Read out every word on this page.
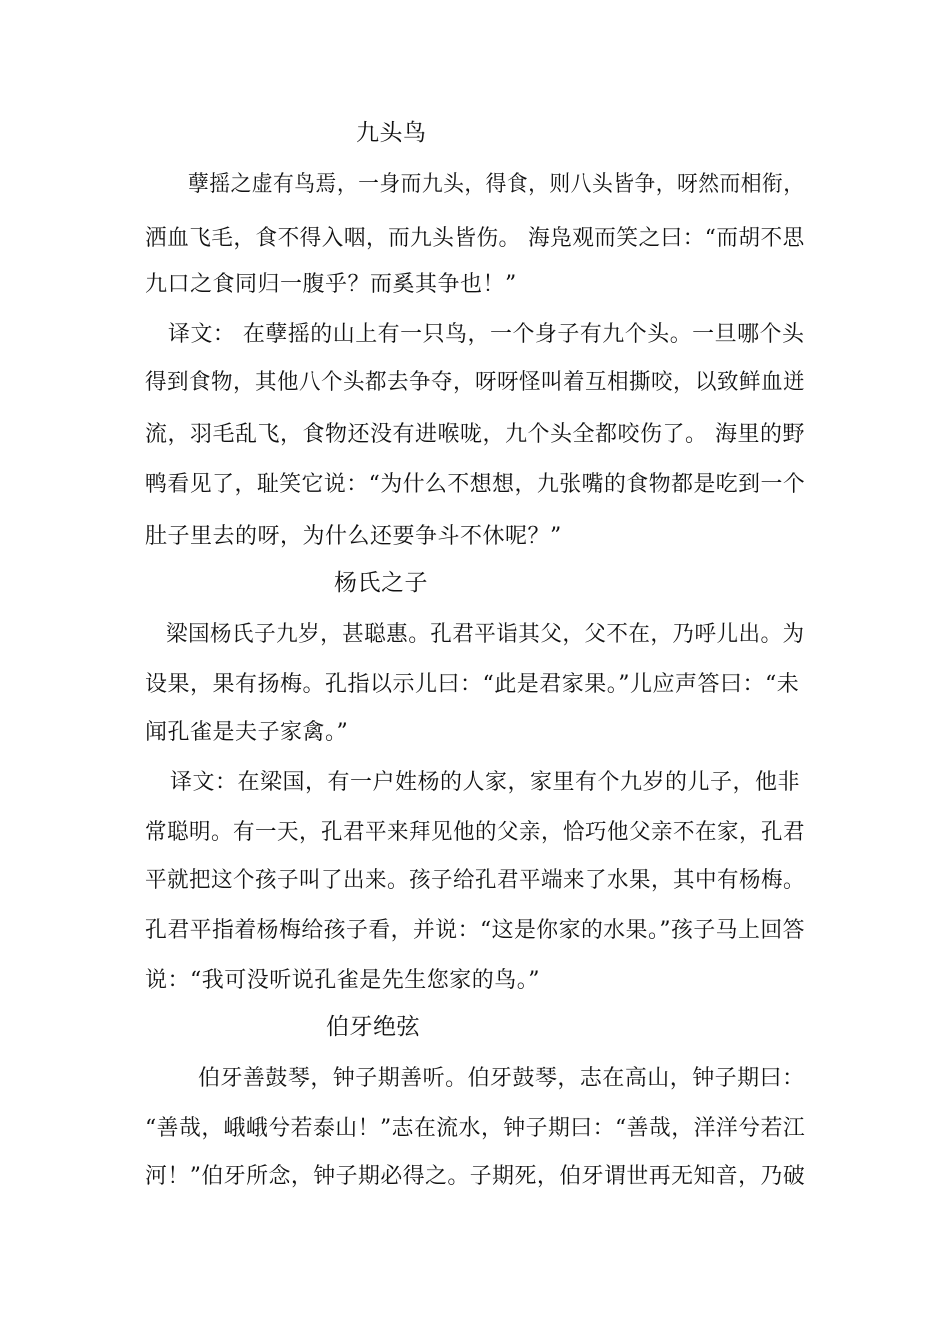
九头鸟
孽摇之虚有鸟焉，一身而九头，得食，则八头皆争，呀然而相衔，
洒血飞毛，食不得入咽，而九头皆伤。 海凫观而笑之曰：“而胡不思
九口之食同归一腹乎？而奚其争也！”
译文： 在孽摇的山上有一只鸟，一个身子有九个头。一旦哪个头
得到食物，其他八个头都去争夺，呀呀怪叫着互相撕咬，以致鲜血迸
流，羽毛乱飞，食物还没有进喉咙，九个头全都咬伤了。 海里的野
鸭看见了，耻笑它说：“为什么不想想，九张嘴的食物都是吃到一个
肚子里去的呀，为什么还要争斗不休呢？”
杨氏之子
梁国杨氏子九岁，甚聪惠。孔君平诣其父，父不在，乃呼儿出。为
设果，果有扬梅。孔指以示儿曰：“此是君家果。”儿应声答曰：“未
闻孔雀是夫子家禽。”
译文：在梁国，有一户姓杨的人家，家里有个九岁的儿子，他非
常聪明。有一天，孔君平来拜见他的父亲，恰巧他父亲不在家，孔君
平就把这个孩子叫了出来。孩子给孔君平端来了水果，其中有杨梅。
孔君平指着杨梅给孩子看，并说：“这是你家的水果。”孩子马上回答
说：“我可没听说孔雀是先生您家的鸟。”
伯牙绝弦
伯牙善鼓琴，钟子期善听。伯牙鼓琴，志在高山，钟子期曰：
“善哉，峨峨兮若泰山！”志在流水，钟子期曰：“善哉，洋洋兮若江
河！”伯牙所念，钟子期必得之。子期死，伯牙谓世再无知音，乃破
